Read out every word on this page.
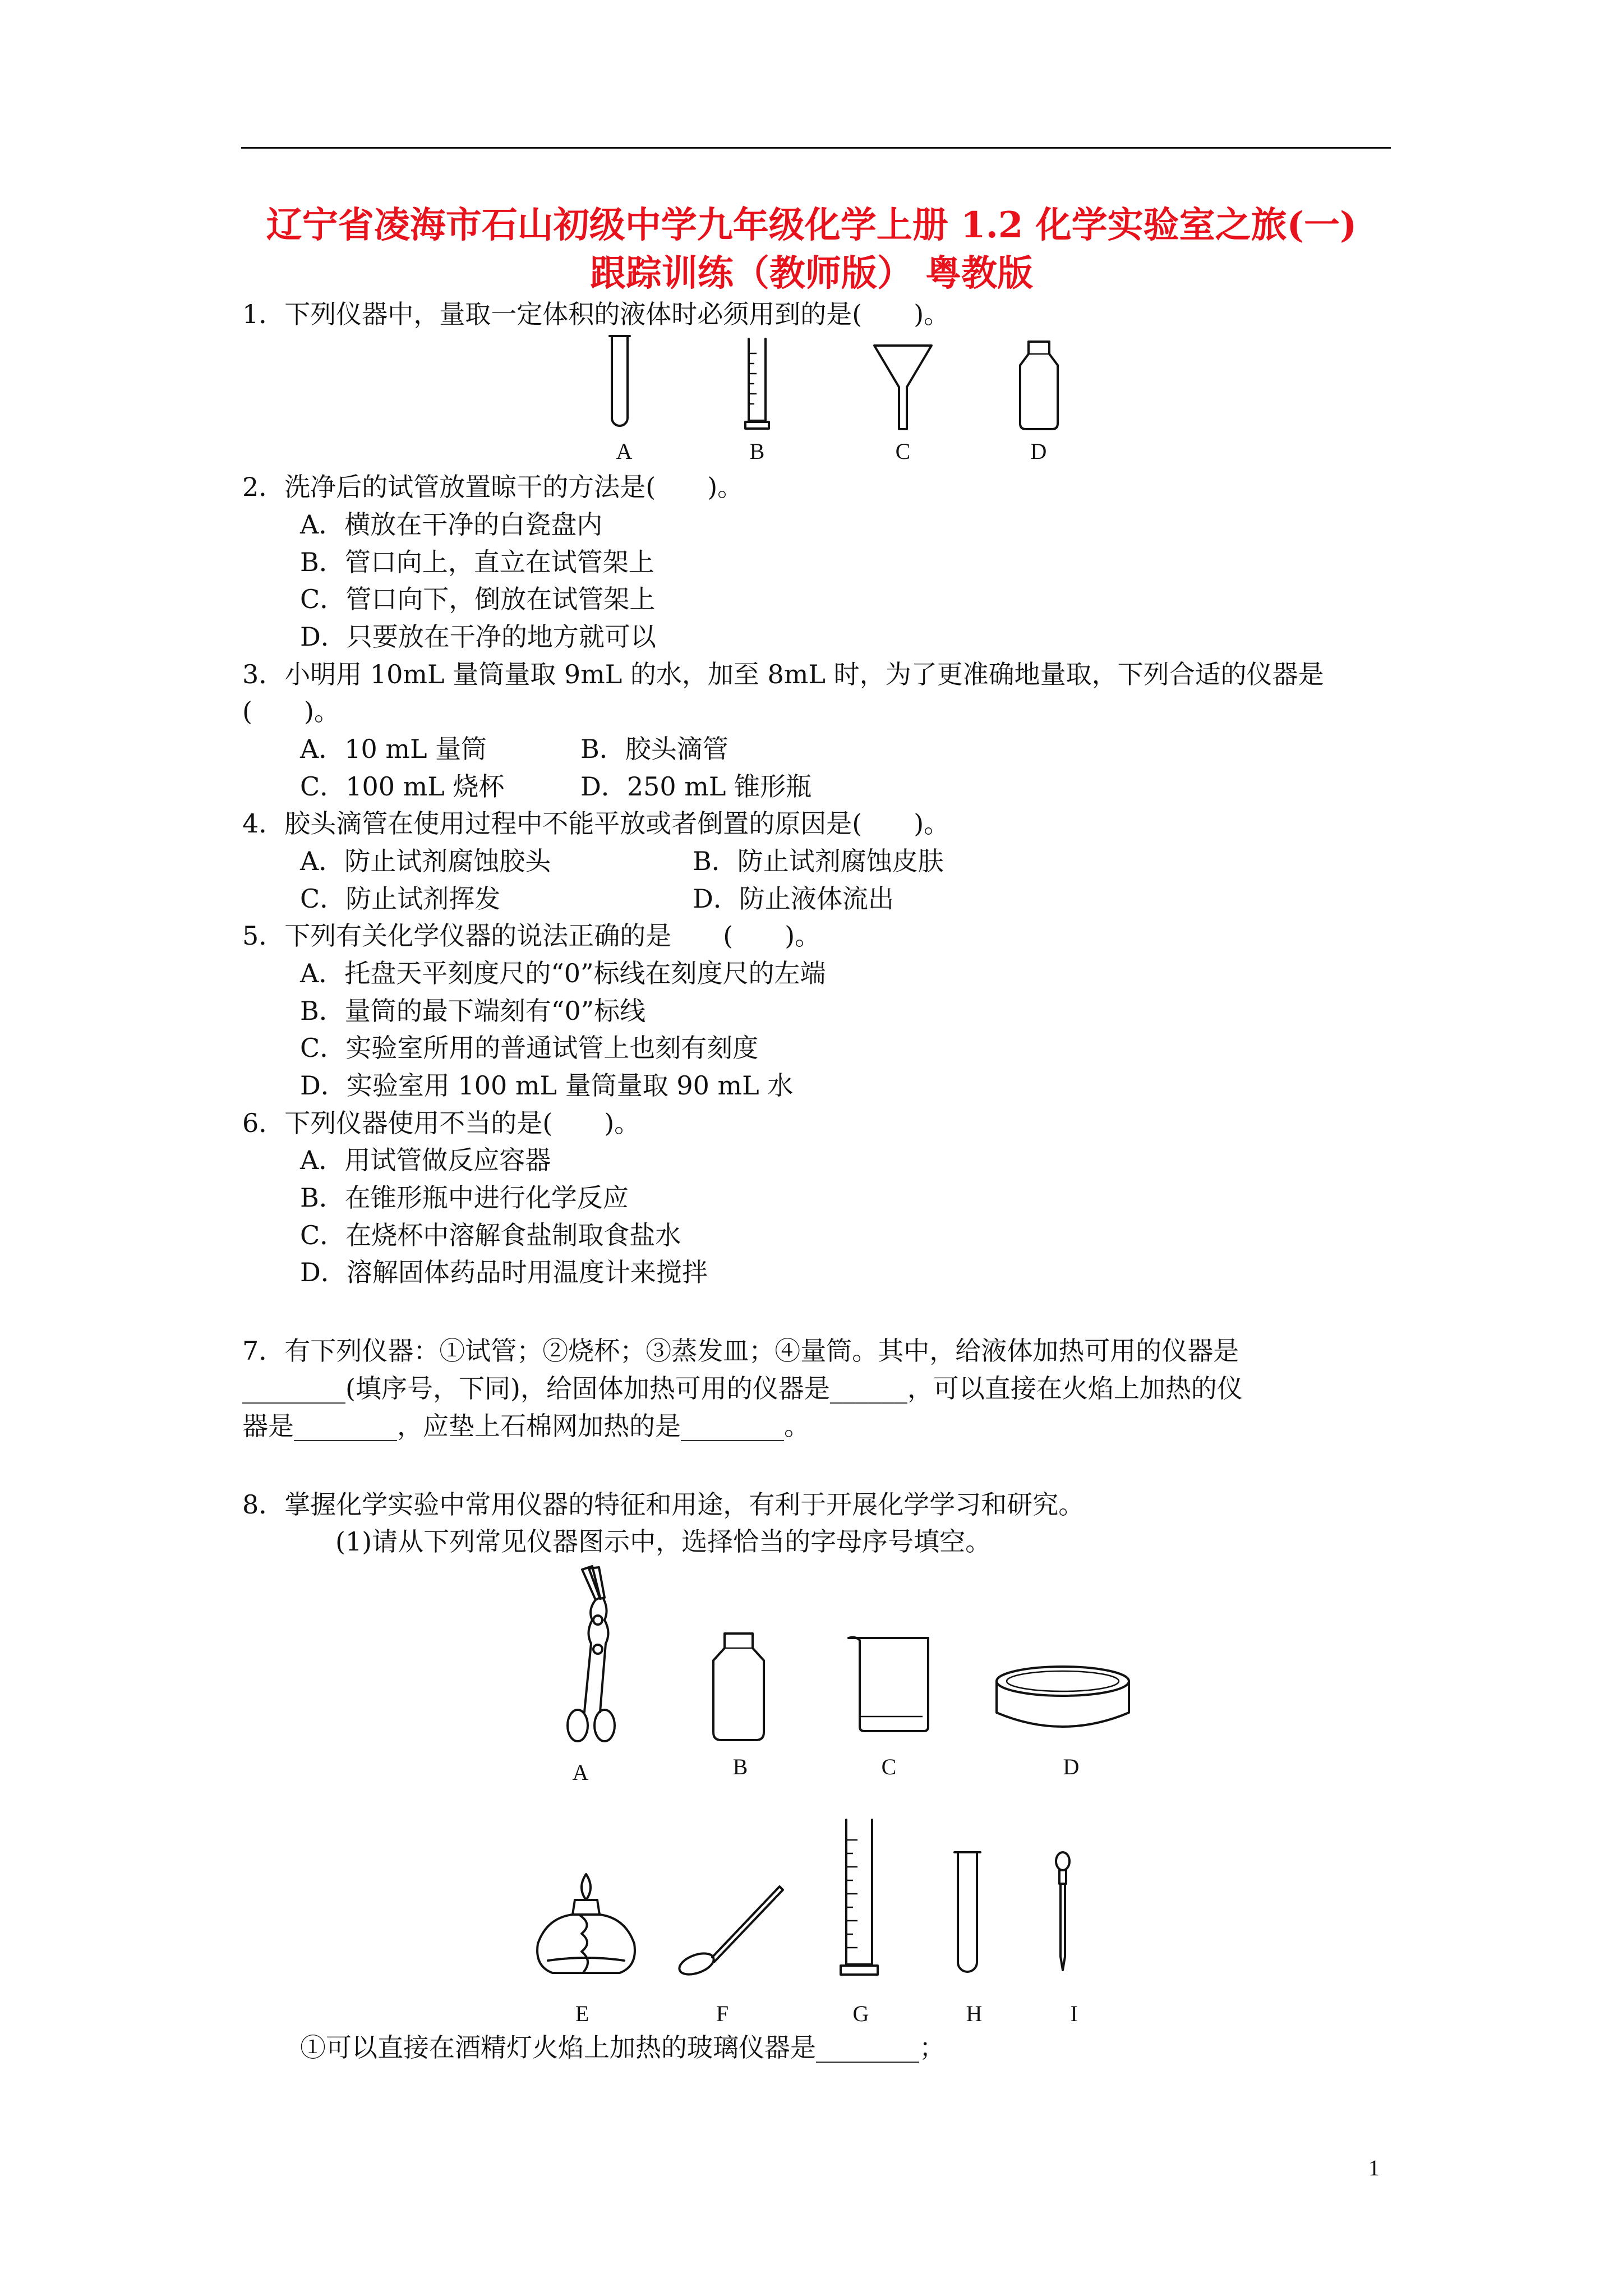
辽宁省凌海市石山初级中学九年级化学上册 1.2 化学实验室之旅(一)
跟踪训练（教师版） 粤教版
1．下列仪器中，量取一定体积的液体时必须用到的是(　　)。
A	B	C	D
2．洗净后的试管放置晾干的方法是(　　)。
A．横放在干净的白瓷盘内
B．管口向上，直立在试管架上
C．管口向下，倒放在试管架上
D．只要放在干净的地方就可以
3．小明用 10mL 量筒量取 9mL 的水，加至 8mL 时，为了更准确地量取，下列合适的仪器是
(　　)。
A．10 mL 量筒	B．胶头滴管
C．100 mL 烧杯	D．250 mL 锥形瓶
4．胶头滴管在使用过程中不能平放或者倒置的原因是(　　)。
A．防止试剂腐蚀胶头	B．防止试剂腐蚀皮肤
C．防止试剂挥发	D．防止液体流出
5．下列有关化学仪器的说法正确的是　　(　　)。
A．托盘天平刻度尺的“0”标线在刻度尺的左端
B．量筒的最下端刻有“0”标线
C．实验室所用的普通试管上也刻有刻度
D．实验室用 100 mL 量筒量取 90 mL 水
6．下列仪器使用不当的是(　　)。
A．用试管做反应容器
B．在锥形瓶中进行化学反应
C．在烧杯中溶解食盐制取食盐水
D．溶解固体药品时用温度计来搅拌
7．有下列仪器：①试管；②烧杯；③蒸发皿；④量筒。其中，给液体加热可用的仪器是
________(填序号，下同)，给固体加热可用的仪器是______，可以直接在火焰上加热的仪
器是________，应垫上石棉网加热的是________。
8．掌握化学实验中常用仪器的特征和用途，有利于开展化学学习和研究。
(1)请从下列常见仪器图示中，选择恰当的字母序号填空。
A	B	C	D
E	F	G	H	I
①可以直接在酒精灯火焰上加热的玻璃仪器是________；
1
